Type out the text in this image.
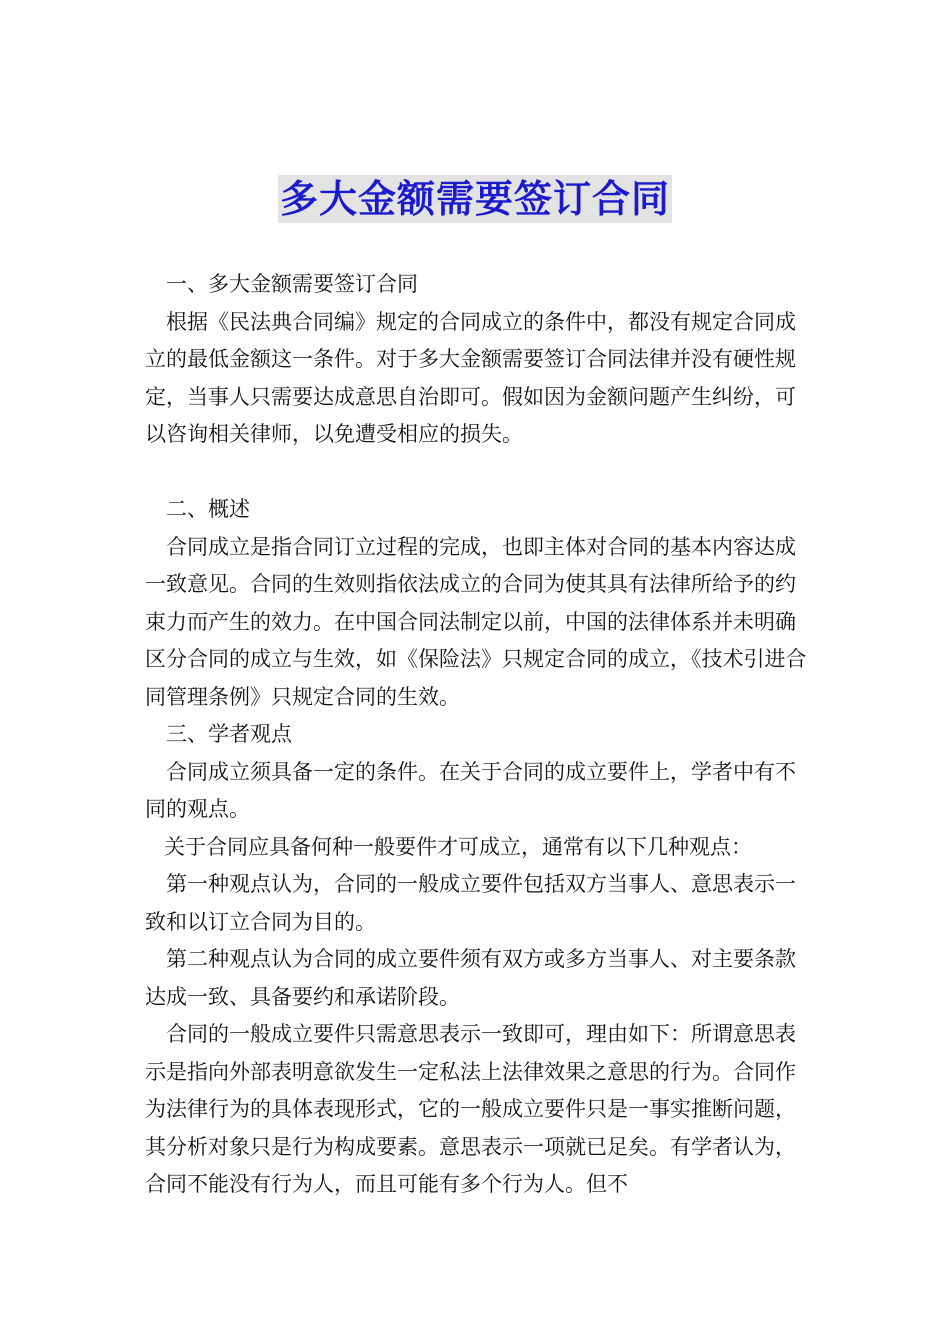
多大金额需要签订合同

一、多大金额需要签订合同

根据《民法典合同编》规定的合同成立的条件中，都没有规定合同成立的最低金额这一条件。对于多大金额需要签订合同法律并没有硬性规定，当事人只需要达成意思自治即可。假如因为金额问题产生纠纷，可以咨询相关律师，以免遭受相应的损失。

二、概述

合同成立是指合同订立过程的完成，也即主体对合同的基本内容达成一致意见。合同的生效则指依法成立的合同为使其具有法律所给予的约束力而产生的效力。在中国合同法制定以前，中国的法律体系并未明确区分合同的成立与生效，如《保险法》只规定合同的成立，《技术引进合同管理条例》只规定合同的生效。

三、学者观点

合同成立须具备一定的条件。在关于合同的成立要件上，学者中有不同的观点。

关于合同应具备何种一般要件才可成立，通常有以下几种观点：

第一种观点认为，合同的一般成立要件包括双方当事人、意思表示一致和以订立合同为目的。

第二种观点认为合同的成立要件须有双方或多方当事人、对主要条款达成一致、具备要约和承诺阶段。

合同的一般成立要件只需意思表示一致即可，理由如下：所谓意思表示是指向外部表明意欲发生一定私法上法律效果之意思的行为。合同作为法律行为的具体表现形式，它的一般成立要件只是一事实推断问题，其分析对象只是行为构成要素。意思表示一项就已足矣。有学者认为，合同不能没有行为人，而且可能有多个行为人。但不
